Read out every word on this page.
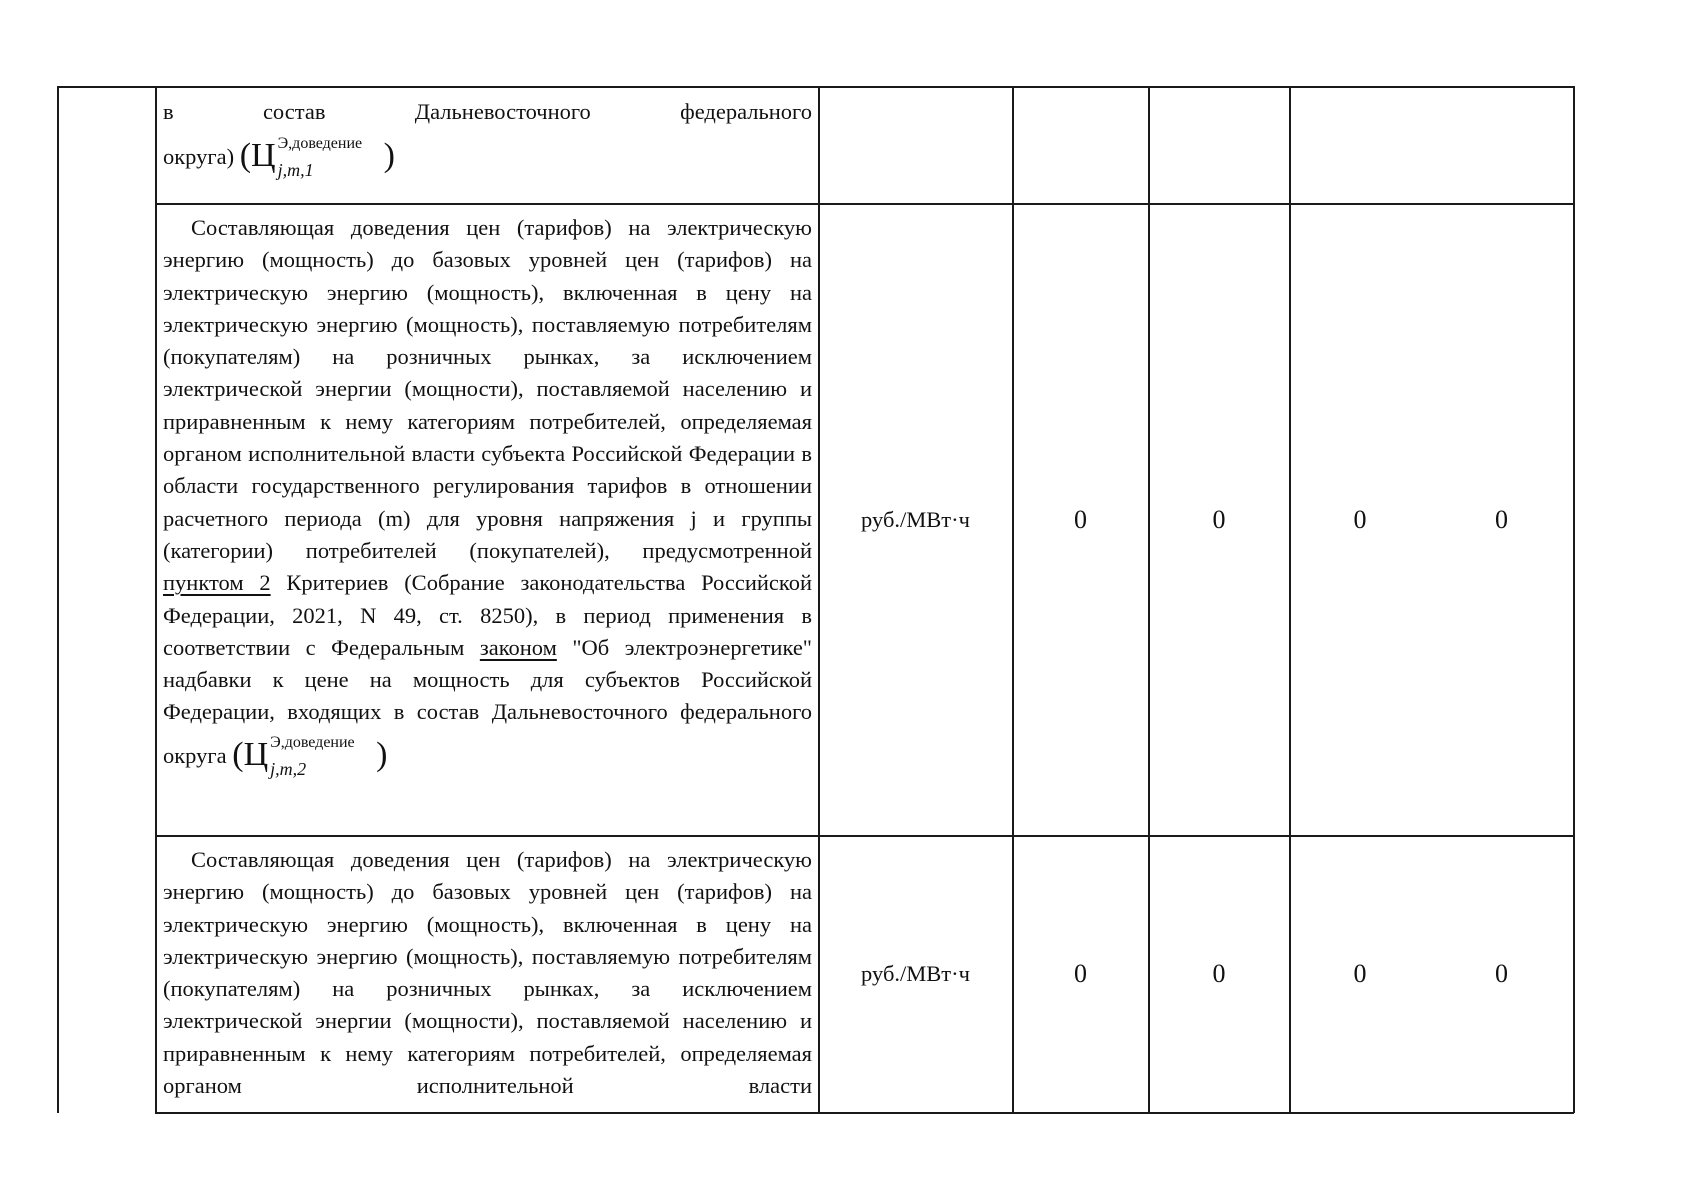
в	состав	Дальневосточного	федерального
округа) (Ц Э,доведение
j,m,1 )
Составляющая доведения цен (тарифов) на электрическую энергию (мощность) до базовых уровней цен (тарифов) на электрическую энергию (мощность), включенная в цену на электрическую энергию (мощность), поставляемую потребителям (покупателям) на розничных рынках, за исключением электрической энергии (мощности), поставляемой населению и приравненным к нему категориям потребителей, определяемая органом исполнительной власти субъекта Российской Федерации в области государственного регулирования тарифов в отношении расчетного периода (m) для уровня напряжения j и группы (категории) потребителей (покупателей), предусмотренной пунктом 2 Критериев (Собрание законодательства Российской Федерации, 2021, N 49, ст. 8250), в период применения в соответствии с Федеральным законом "Об электроэнергетике" надбавки к цене на мощность для субъектов Российской Федерации, входящих в состав Дальневосточного федерального
округа (Ц Э,доведение
j,m,2 )
руб./МВт·ч	0	0	0	0
Составляющая доведения цен (тарифов) на электрическую энергию (мощность) до базовых уровней цен (тарифов) на электрическую энергию (мощность), включенная в цену на электрическую энергию (мощность), поставляемую потребителям (покупателям) на розничных рынках, за исключением электрической энергии (мощности), поставляемой населению и приравненным к нему категориям потребителей, определяемая органом исполнительной власти
руб./МВт·ч	0	0	0	0
